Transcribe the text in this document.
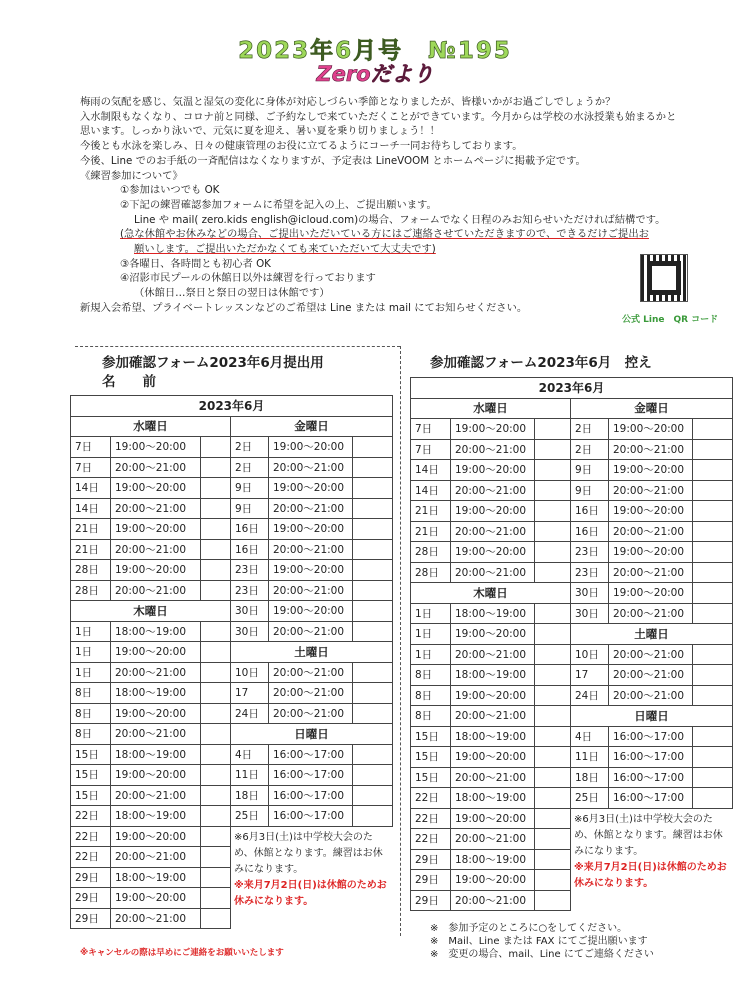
2023年6月号　№195
Zeroだより

梅雨の気配を感じ、気温と湿気の変化に身体が対応しづらい季節となりましたが、皆様いかがお過ごしでしょうか？

入水制限もなくなり、コロナ前と同様、ご予約なしで来ていただくことができています。今月からは学校の水泳授業も始まるかと

思います。しっかり泳いで、元気に夏を迎え、暑い夏を乗り切りましょう！！

今後とも水泳を楽しみ、日々の健康管理のお役に立てるようにコーチ一同お待ちしております。

今後、Line でのお手紙の一斉配信はなくなりますが、予定表は LineVOOM とホームページに掲載予定です。

《練習参加について》

①参加はいつでも OK

②下記の練習確認参加フォームに希望を記入の上、ご提出願います。

Line や mail( zero.kids english@icloud.com)の場合、フォームでなく日程のみお知らせいただければ結構です。

(急な休館やお休みなどの場合、ご提出いただいている方にはご連絡させていただきますので、できるだけご提出お

願いします。ご提出いただかなくても来ていただいて大丈夫です)

③各曜日、各時間とも初心者 OK

④沼影市民プールの休館日以外は練習を行っております

（休館日…祭日と祭日の翌日は休館です）

新規入会希望、プライベートレッスンなどのご希望は Line または mail にてお知らせください。

公式 Line　QR コード
参加確認フォーム2023年6月提出用
名　　前
2023年6月					
水曜日			金曜日		
7日	19:00～20:00		2日	19:00～20:00	
7日	20:00～21:00		2日	20:00～21:00	
14日	19:00～20:00		9日	19:00～20:00	
14日	20:00～21:00		9日	20:00～21:00	
21日	19:00～20:00		16日	19:00～20:00	
21日	20:00～21:00		16日	20:00～21:00	
28日	19:00～20:00		23日	19:00～20:00	
28日	20:00～21:00		23日	20:00～21:00	
木曜日			30日	19:00～20:00	
1日	18:00～19:00		30日	20:00～21:00	
1日	19:00～20:00		土曜日		
1日	20:00～21:00		10日	20:00～21:00	
8日	18:00～19:00		17	20:00～21:00	
8日	19:00～20:00		24日	20:00～21:00	
8日	20:00～21:00		日曜日		
15日	18:00～19:00		4日	16:00～17:00	
15日	19:00～20:00		11日	16:00～17:00	
15日	20:00～21:00		18日	16:00～17:00	
22日	18:00～19:00		25日	16:00～17:00	
22日	19:00～20:00		※6月3日(土)は中学校大会のため、休館となります。練習はお休みになります。
※来月7月2日(日)は休館のためお休みになります。		
22日	20:00～21:00				
29日	18:00～19:00				
29日	19:00～20:00				
29日	20:00～21:00				
参加確認フォーム2023年6月　控え
2023年6月					
水曜日			金曜日		
7日	19:00～20:00		2日	19:00～20:00	
7日	20:00～21:00		2日	20:00～21:00	
14日	19:00～20:00		9日	19:00～20:00	
14日	20:00～21:00		9日	20:00～21:00	
21日	19:00～20:00		16日	19:00～20:00	
21日	20:00～21:00		16日	20:00～21:00	
28日	19:00～20:00		23日	19:00～20:00	
28日	20:00～21:00		23日	20:00～21:00	
木曜日			30日	19:00～20:00	
1日	18:00～19:00		30日	20:00～21:00	
1日	19:00～20:00		土曜日		
1日	20:00～21:00		10日	20:00～21:00	
8日	18:00～19:00		17	20:00～21:00	
8日	19:00～20:00		24日	20:00～21:00	
8日	20:00～21:00		日曜日		
15日	18:00～19:00		4日	16:00～17:00	
15日	19:00～20:00		11日	16:00～17:00	
15日	20:00～21:00		18日	16:00～17:00	
22日	18:00～19:00		25日	16:00～17:00	
22日	19:00～20:00		※6月3日(土)は中学校大会のため、休館となります。練習はお休みになります。
※来月7月2日(日)は休館のためお休みになります。		
22日	20:00～21:00				
29日	18:00～19:00				
29日	19:00～20:00				
29日	20:00～21:00				
※　参加予定のところに○をしてください。
※　Mail、Line または FAX にてご提出願います
※　変更の場合、mail、Line にてご連絡ください
※キャンセルの際は早めにご連絡をお願いいたします
